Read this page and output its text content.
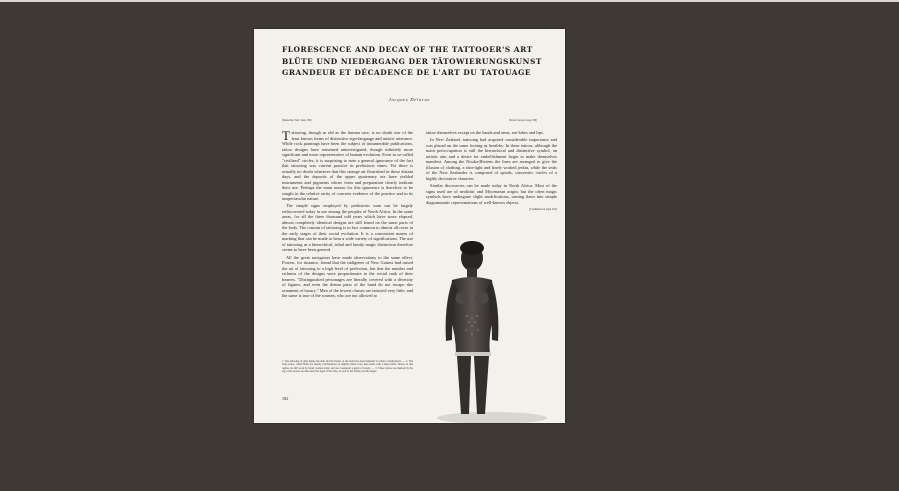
FLORESCENCE AND DECAY OF THE TATTOOER'S ART
BLÜTE UND NIEDERGANG DER TÄTOWIERUNGSKUNST
GRANDEUR ET DÉCADENCE DE L'ART DU TATOUAGE
Jacques Delarue
[Deutscher Text: Seite 189]	[Texte français: page 189]

Tattooing, though as old as the human race, is no doubt one of the least known forms of distinctive sign-language and artistic utterance. While rock paintings have been the subject of innumerable publications, tattoo designs have remained uninvestigated, though infinitely more significant and more representative of human evolution. Even in so-called "civilised" circles, it is surprising to note a general ignorance of the fact that tattooing was current practice in prehistoric times. Yet there is actually no doubt whatever that this strange art flourished in those distant days, and the deposits of the upper quaternary era have yielded instruments and pigments whose form and preparation clearly indicate their use. Perhaps the main reason for this ignorance is therefore to be sought in the relative rarity of concrete evidence of the practice and in its unspectacular nature.

The simple signs employed by prehistoric man can be largely rediscovered today in use among the peoples of North Africa. In the same areas, for all the three thousand odd years which have since elapsed, almost completely identical designs are still found on the same parts of the body. The custom of tattooing is in fact common to almost all races in the early stages of their social evolution. It is a convenient means of marking that can be made to bear a wide variety of significations. The use of tattooing as a hierarchical, tribal and family magic distinction therefore seems to have been general.

All the great navigators have made observations to the same effect. Forrest, for instance, found that the indigenes of New Guinea had raised the art of tattooing to a high level of perfection, but that the number and richness of the designs were proportionate to the social rank of their bearers. "Distinguished personages are literally covered with a diversity of figures, and even the thenar parts of the hand do not escape this ornament of luxury." Men of the lowest classes are tattooed very little, and the same is true of the women, who are not allowed to

tattoo themselves except on the hands and arms, ear-lobes and lips.

In New Zealand, tattooing had acquired considerable importance and was placed on the same footing as heraldry. In these tattoos, although the main preoccupation is still the hierarchical and distinctive symbol, an artistic aim and a desire for embellishment begin to make themselves manifest. Among the Nouka-Hiviens the lines are arranged to give the illusion of clothing, a shot-tight and finely worked jerkin, while the seals of the New Zealander is composed of spirals, concentric circles of a highly decorative character.

Similar discoveries can be made today in North Africa. Most of the signs used are of neolithic and Mycenaean origin, but the often magic symbols have undergone slight modifications, turning them into simple diagrammatic representations of well-known objects.

[Continued on page 191]
1. The tattooing of girls marks the skin and the thenar of the hand has been intended to reduce scarifications. — 2. The body tattoo, called Nabi, are merely combinations of slightly raised scars, here made with a sharp knife. Tattoos in this region are still worn by many women today and are considered a mark of beauty. — 3. These tattoos are marked by the age of the bearer and also bear the signs of the tribe, as well as the family and the magic.
182
